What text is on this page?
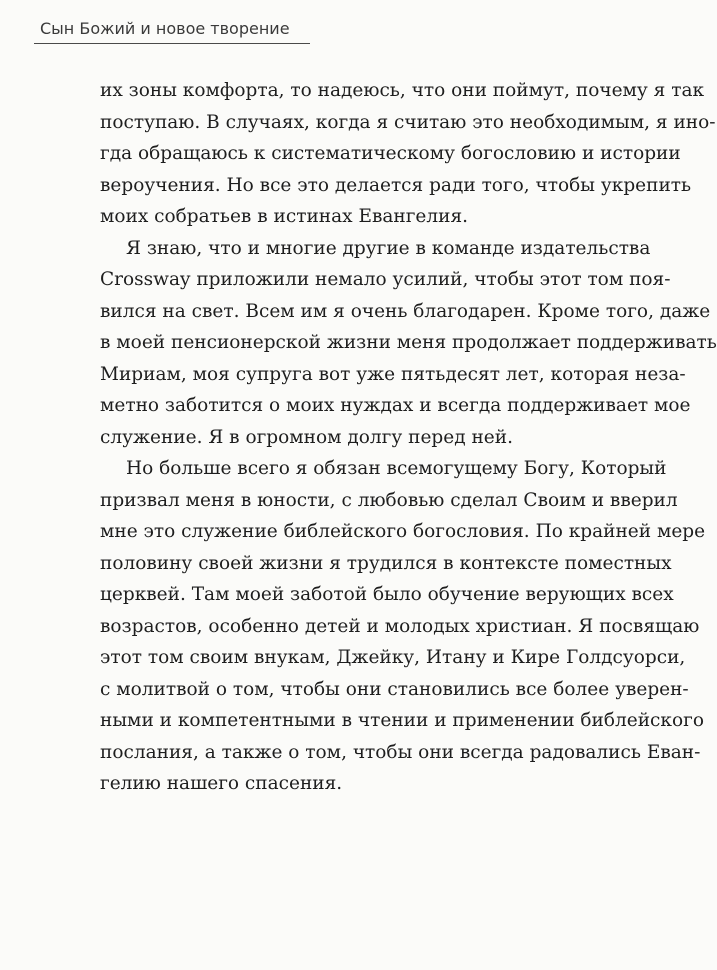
Сын Божий и новое творение
их зоны комфорта, то надеюсь, что они поймут, почему я так
поступаю. В случаях, когда я считаю это необходимым, я ино-
гда обращаюсь к систематическому богословию и истории
вероучения. Но все это делается ради того, чтобы укрепить
моих собратьев в истинах Евангелия.
Я знаю, что и многие другие в команде издательства
Crossway приложили немало усилий, чтобы этот том поя-
вился на свет. Всем им я очень благодарен. Кроме того, даже
в моей пенсионерской жизни меня продолжает поддерживать
Мириам, моя супруга вот уже пятьдесят лет, которая неза-
метно заботится о моих нуждах и всегда поддерживает мое
служение. Я в огромном долгу перед ней.
Но больше всего я обязан всемогущему Богу, Который
призвал меня в юности, с любовью сделал Своим и вверил
мне это служение библейского богословия. По крайней мере
половину своей жизни я трудился в контексте поместных
церквей. Там моей заботой было обучение верующих всех
возрастов, особенно детей и молодых христиан. Я посвящаю
этот том своим внукам, Джейку, Итану и Кире Голдсуорси,
с молитвой о том, чтобы они становились все более уверен-
ными и компетентными в чтении и применении библейского
послания, а также о том, чтобы они всегда радовались Еван-
гелию нашего спасения.
